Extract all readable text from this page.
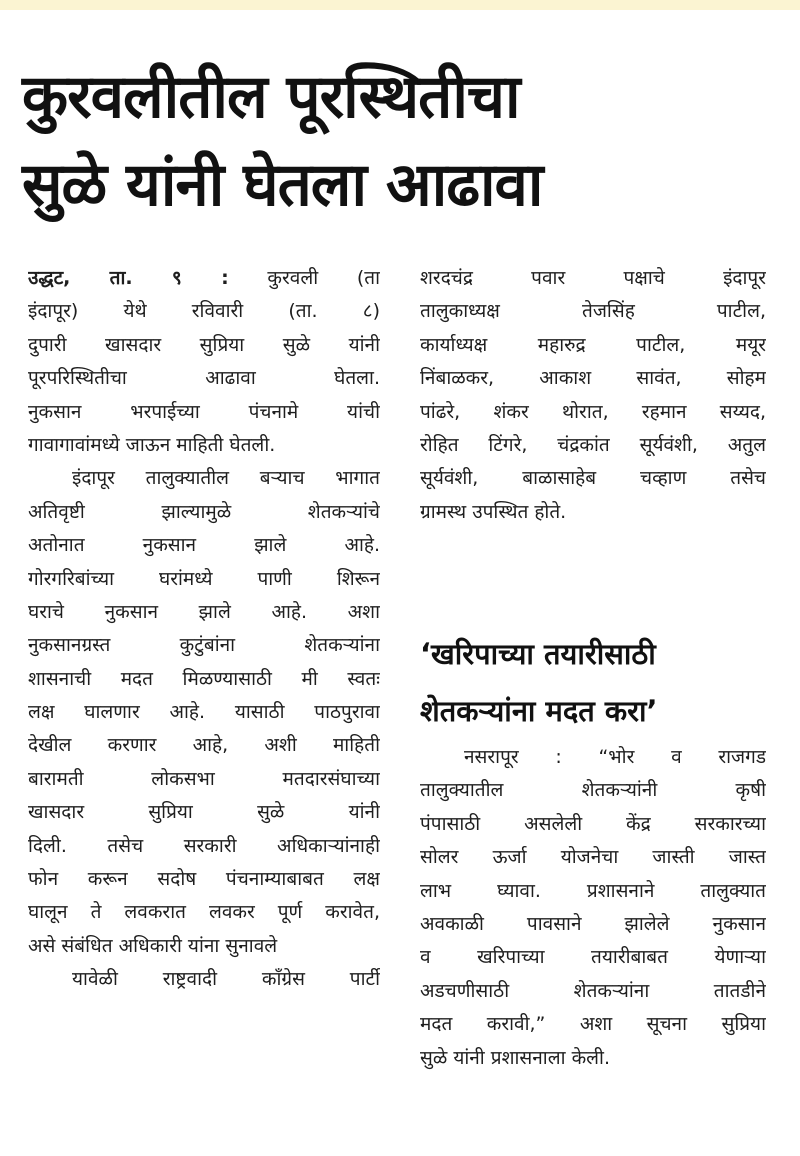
कुरवलीतील पूरस्थितीचा
सुळे यांनी घेतला आढावा
उद्धट, ता. ९ : कुरवली (ता
इंदापूर) येथे रविवारी (ता. ८)
दुपारी खासदार सुप्रिया सुळे यांनी
पूरपरिस्थितीचा आढावा घेतला.
नुकसान भरपाईच्या पंचनामे यांची
गावागावांमध्ये जाऊन माहिती घेतली.
इंदापूर तालुक्यातील बऱ्याच भागात
अतिवृष्टी झाल्यामुळे शेतकऱ्यांचे
अतोनात नुकसान झाले आहे.
गोरगरिबांच्या घरांमध्ये पाणी शिरून
घराचे नुकसान झाले आहे. अशा
नुकसानग्रस्त कुटुंबांना शेतकऱ्यांना
शासनाची मदत मिळण्यासाठी मी स्वतः
लक्ष घालणार आहे. यासाठी पाठपुरावा
देखील करणार आहे, अशी माहिती
बारामती लोकसभा मतदारसंघाच्या
खासदार सुप्रिया सुळे यांनी
दिली. तसेच सरकारी अधिकाऱ्यांनाही
फोन करून सदोष पंचनाम्याबाबत लक्ष
घालून ते लवकरात लवकर पूर्ण करावेत,
असे संबंधित अधिकारी यांना सुनावले
यावेळी राष्ट्रवादी काँग्रेस पार्टी
शरदचंद्र पवार पक्षाचे इंदापूर
तालुकाध्यक्ष तेजसिंह पाटील,
कार्याध्यक्ष महारुद्र पाटील, मयूर
निंबाळकर, आकाश सावंत, सोहम
पांढरे, शंकर थोरात, रहमान सय्यद,
रोहित टिंगरे, चंद्रकांत सूर्यवंशी, अतुल
सूर्यवंशी, बाळासाहेब चव्हाण तसेच
ग्रामस्थ उपस्थित होते.
‘खरिपाच्या तयारीसाठी
शेतकऱ्यांना मदत करा’
नसरापूर : “भोर व राजगड
तालुक्यातील शेतकऱ्यांनी कृषी
पंपासाठी असलेली केंद्र सरकारच्या
सोलर ऊर्जा योजनेचा जास्ती जास्त
लाभ घ्यावा. प्रशासनाने तालुक्यात
अवकाळी पावसाने झालेले नुकसान
व खरिपाच्या तयारीबाबत येणाऱ्या
अडचणीसाठी शेतकऱ्यांना तातडीने
मदत करावी,” अशा सूचना सुप्रिया
सुळे यांनी प्रशासनाला केली.
